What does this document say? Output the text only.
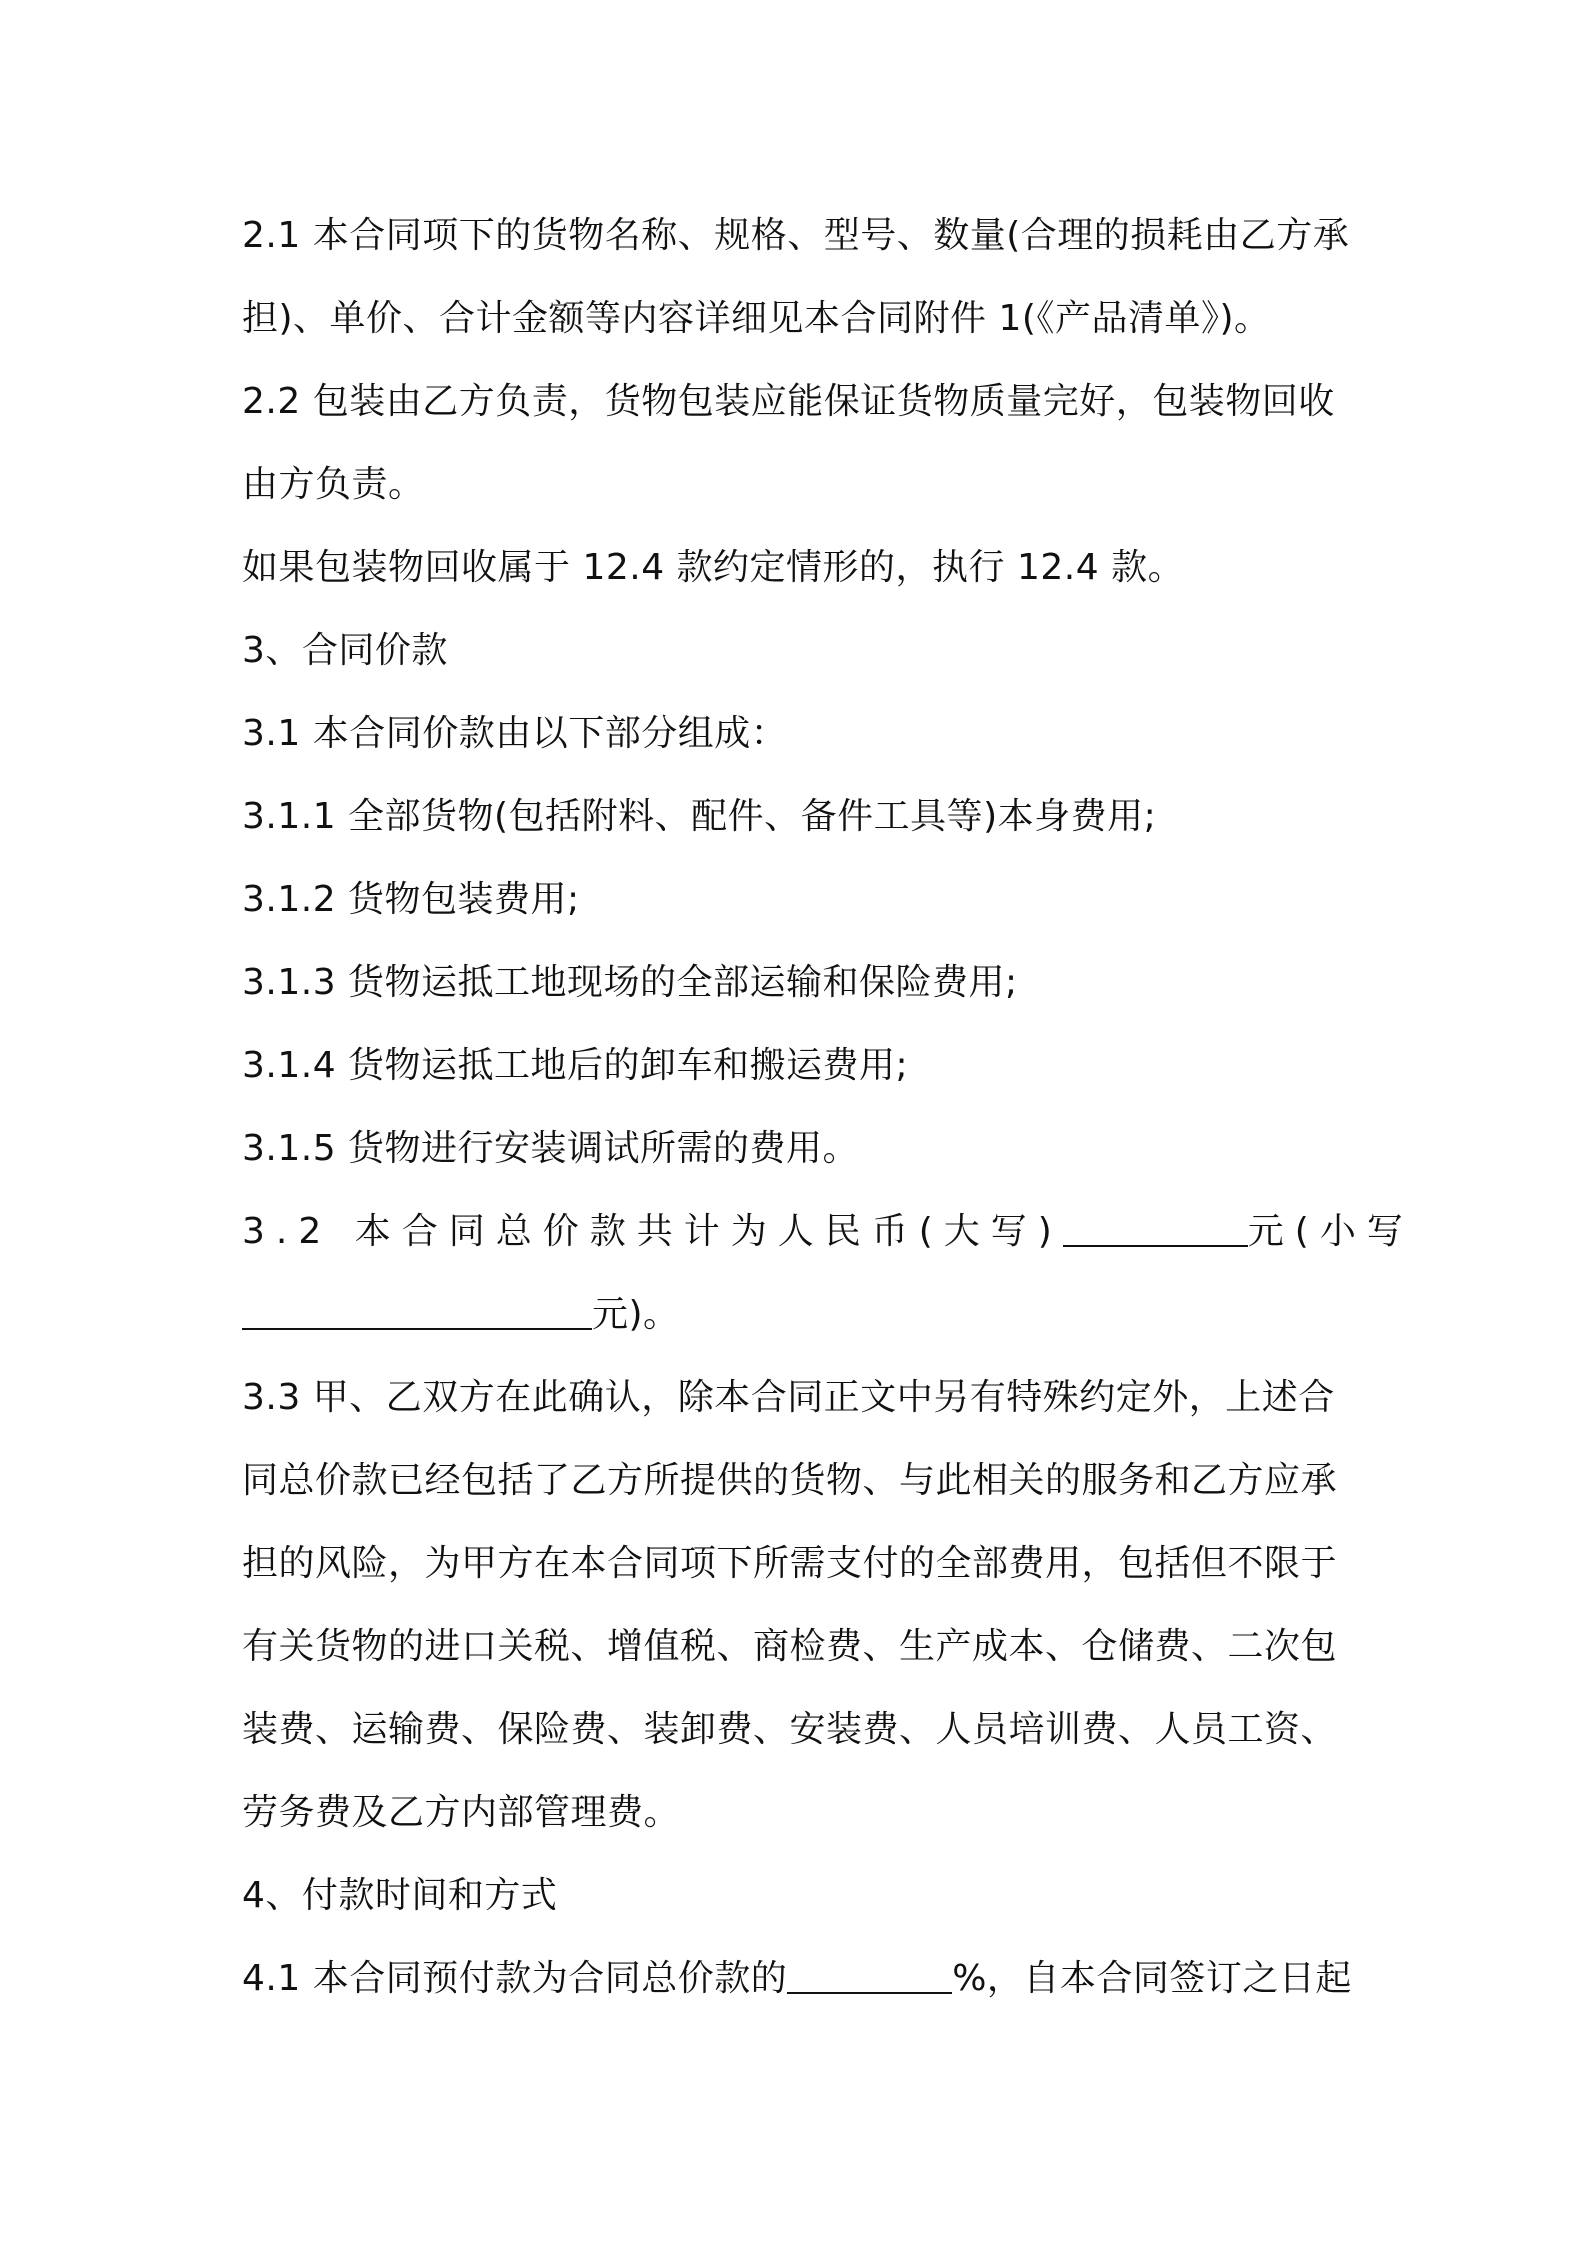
2.1 本合同项下的货物名称、规格、型号、数量(合理的损耗由乙方承
担)、单价、合计金额等内容详细见本合同附件 1(《产品清单》)。

2.2 包装由乙方负责，货物包装应能保证货物质量完好，包装物回收
由方负责。

如果包装物回收属于 12.4 款约定情形的，执行 12.4 款。

3、合同价款

3.1 本合同价款由以下部分组成：

3.1.1 全部货物(包括附料、配件、备件工具等)本身费用;

3.1.2 货物包装费用;

3.1.3 货物运抵工地现场的全部运输和保险费用;

3.1.4 货物运抵工地后的卸车和搬运费用;

3.1.5 货物进行安装调试所需的费用。

3.2 本合同总价款共计为人民币(大写)	元(小写
元)。

3.3 甲、乙双方在此确认，除本合同正文中另有特殊约定外，上述合
同总价款已经包括了乙方所提供的货物、与此相关的服务和乙方应承
担的风险，为甲方在本合同项下所需支付的全部费用，包括但不限于
有关货物的进口关税、增值税、商检费、生产成本、仓储费、二次包
装费、运输费、保险费、装卸费、安装费、人员培训费、人员工资、
劳务费及乙方内部管理费。

4、付款时间和方式

4.1 本合同预付款为合同总价款的	%，自本合同签订之日起
